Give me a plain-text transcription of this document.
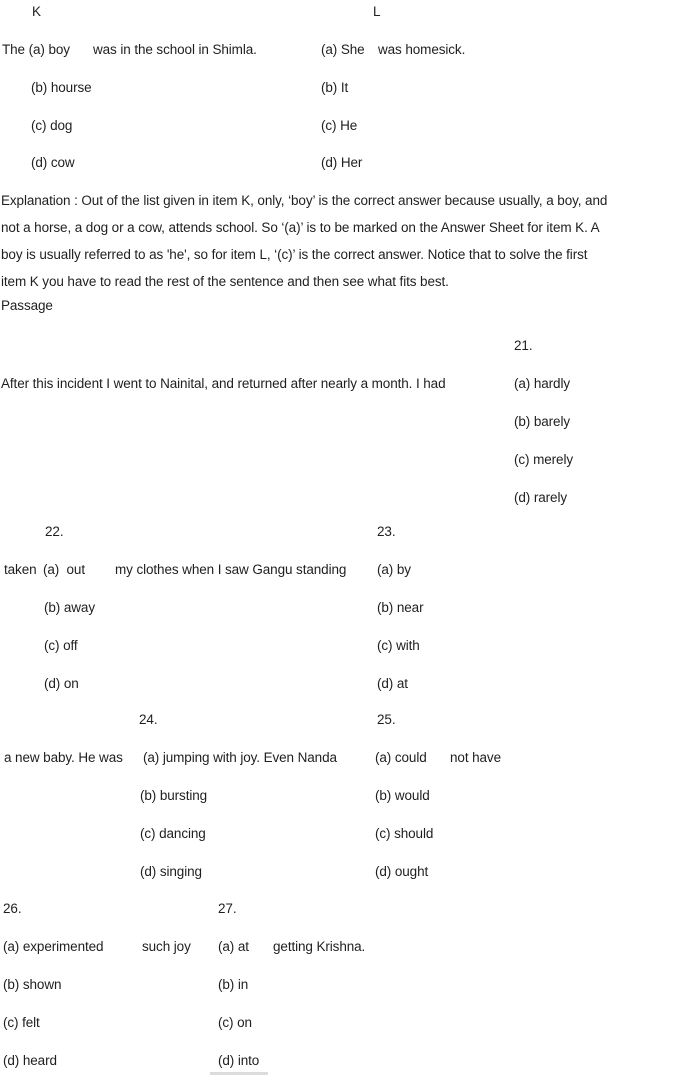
K	L
The (a) boy was in the school in Shimla.	(a) She was homesick.
(b) hourse	(b) It
(c) dog	(c) He
(d) cow	(d) Her
Explanation : Out of the list given in item K, only, ‘boy’ is the correct answer because usually, a boy, and
not a horse, a dog or a cow, attends school. So ‘(a)’ is to be marked on the Answer Sheet for item K. A
boy is usually referred to as 'he', so for item L, ‘(c)’ is the correct answer. Notice that to solve the first
item K you have to read the rest of the sentence and then see what fits best.
Passage
21.
After this incident I went to Nainital, and returned after nearly a month. I had	(a) hardly
(b) barely
(c) merely
(d) rarely
22.	23.
taken (a)  out my clothes when I saw Gangu standing (a) by
(b) away	(b) near
(c) off	(c) with
(d) on	(d) at
24.	25.
a new baby. He was (a) jumping with joy. Even Nanda	(a) could not have
(b) bursting	(b) would
(c) dancing	(c) should
(d) singing	(d) ought
26.	27.
(a) experimented	such joy (a) at getting Krishna.
(b) shown	(b) in
(c) felt	(c) on
(d) heard	(d) into
